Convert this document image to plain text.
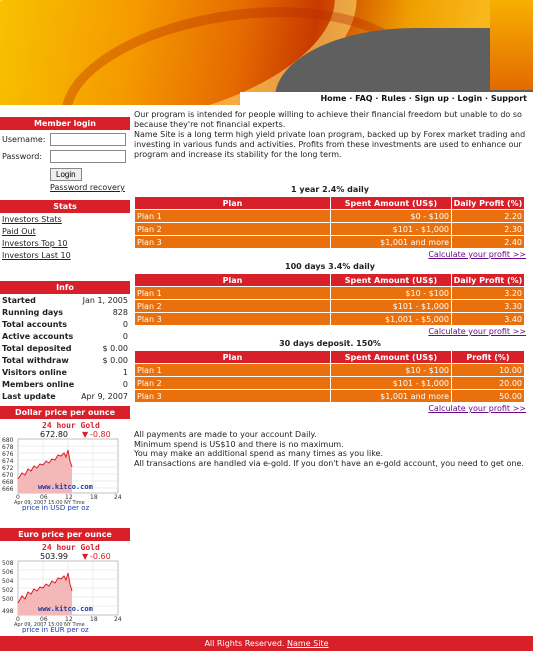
Home · FAQ · Rules · Sign up · Login · Support
Member login
Username:
Password:
Login
Password recovery
Stats
Investors Stats
Paid Out
Investors Top 10
Investors Last 10
Info
Started	Jan 1, 2005
Running days	828
Total accounts	0
Active accounts	0
Total deposited	$ 0.00
Total withdraw	$ 0.00
Visitors online	1
Members online	0
Last update	Apr 9, 2007
Dollar price per ounce
24 hour Gold
672.80 ▼ -0.80
680
678
676
674
672
670
668
666
0	06	12	18	24
www.kitco.com
Apr 09, 2007 15:00 NY Time
price in USD per oz
Euro price per ounce
24 hour Gold
503.99 ▼ -0.60
508
506
504
502
500
498
0	06	12	18	24
www.kitco.com
Apr 09, 2007 15:00 NY Time
price in EUR per oz

Our program is intended for people willing to achieve their financial freedom but unable to do so because they're not financial experts.

Name Site is a long term high yield private loan program, backed up by Forex market trading and investing in various funds and activities. Profits from these investments are used to enhance our program and increase its stability for the long term.

1 year 2.4% daily
Plan	Spent Amount (US$)	Daily Profit (%)
Plan 1	$0 - $100	2.20
Plan 2	$101 - $1,000	2.30
Plan 3	$1,001 and more	2.40
Calculate your profit >>
100 days 3.4% daily
Plan	Spent Amount (US$)	Daily Profit (%)
Plan 1	$10 - $100	3.20
Plan 2	$101 - $1,000	3.30
Plan 3	$1,001 - $5,000	3.40
Calculate your profit >>
30 days deposit. 150%
Plan	Spent Amount (US$)	Profit (%)
Plan 1	$10 - $100	10.00
Plan 2	$101 - $1,000	20.00
Plan 3	$1,001 and more	50.00
Calculate your profit >>

All payments are made to your account Daily.

Minimum spend is US$10 and there is no maximum.

You may make an additional spend as many times as you like.

All transactions are handled via e-gold. If you don't have an e-gold account, you need to get one.

All Rights Reserved. Name Site
